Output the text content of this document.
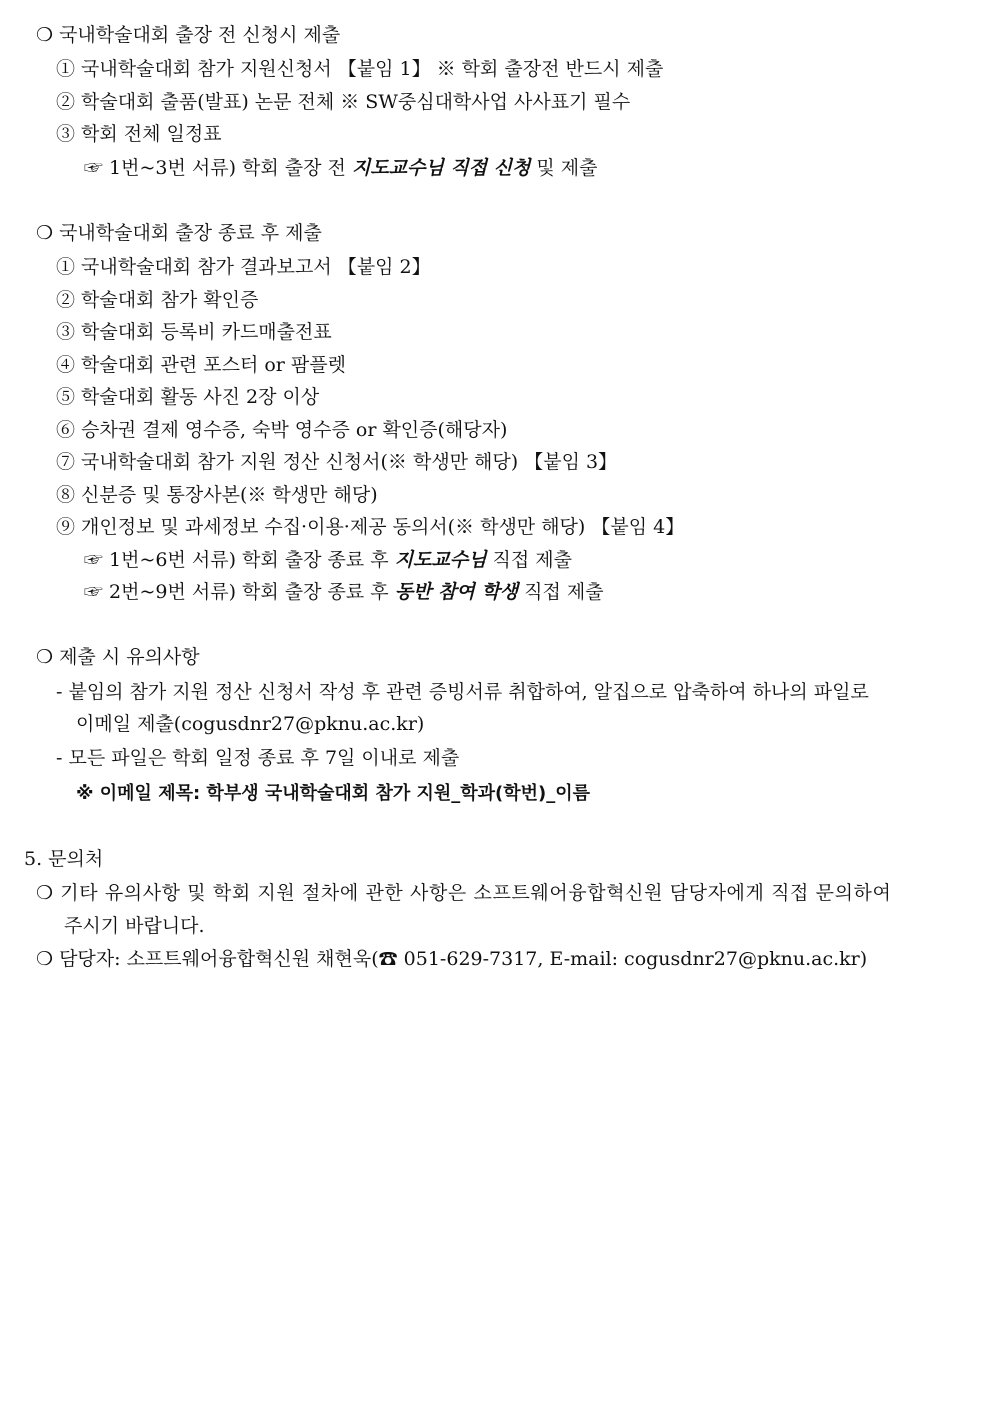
❍ 국내학술대회 출장 전 신청시 제출
① 국내학술대회 참가 지원신청서 【붙임 1】 ※ 학회 출장전 반드시 제출
② 학술대회 출품(발표) 논문 전체 ※ SW중심대학사업 사사표기 필수
③ 학회 전체 일정표
☞ 1번~3번 서류) 학회 출장 전 지도교수님 직접 신청 및 제출
❍ 국내학술대회 출장 종료 후 제출
① 국내학술대회 참가 결과보고서 【붙임 2】
② 학술대회 참가 확인증
③ 학술대회 등록비 카드매출전표
④ 학술대회 관련 포스터 or 팜플렛
⑤ 학술대회 활동 사진 2장 이상
⑥ 승차권 결제 영수증, 숙박 영수증 or 확인증(해당자)
⑦ 국내학술대회 참가 지원 정산 신청서(※ 학생만 해당) 【붙임 3】
⑧ 신분증 및 통장사본(※ 학생만 해당)
⑨ 개인정보 및 과세정보 수집·이용·제공 동의서(※ 학생만 해당) 【붙임 4】
☞ 1번~6번 서류) 학회 출장 종료 후 지도교수님 직접 제출
☞ 2번~9번 서류) 학회 출장 종료 후 동반 참여 학생 직접 제출
❍ 제출 시 유의사항
- 붙임의 참가 지원 정산 신청서 작성 후 관련 증빙서류 취합하여, 알집으로 압축하여 하나의 파일로
이메일 제출(cogusdnr27@pknu.ac.kr)
- 모든 파일은 학회 일정 종료 후 7일 이내로 제출
※ 이메일 제목: 학부생 국내학술대회 참가 지원_학과(학번)_이름
5. 문의처
❍ 기타 유의사항 및 학회 지원 절차에 관한 사항은 소프트웨어융합혁신원 담당자에게 직접 문의하여
주시기 바랍니다.
❍ 담당자: 소프트웨어융합혁신원 채현욱(☎ 051-629-7317, E-mail: cogusdnr27@pknu.ac.kr)
